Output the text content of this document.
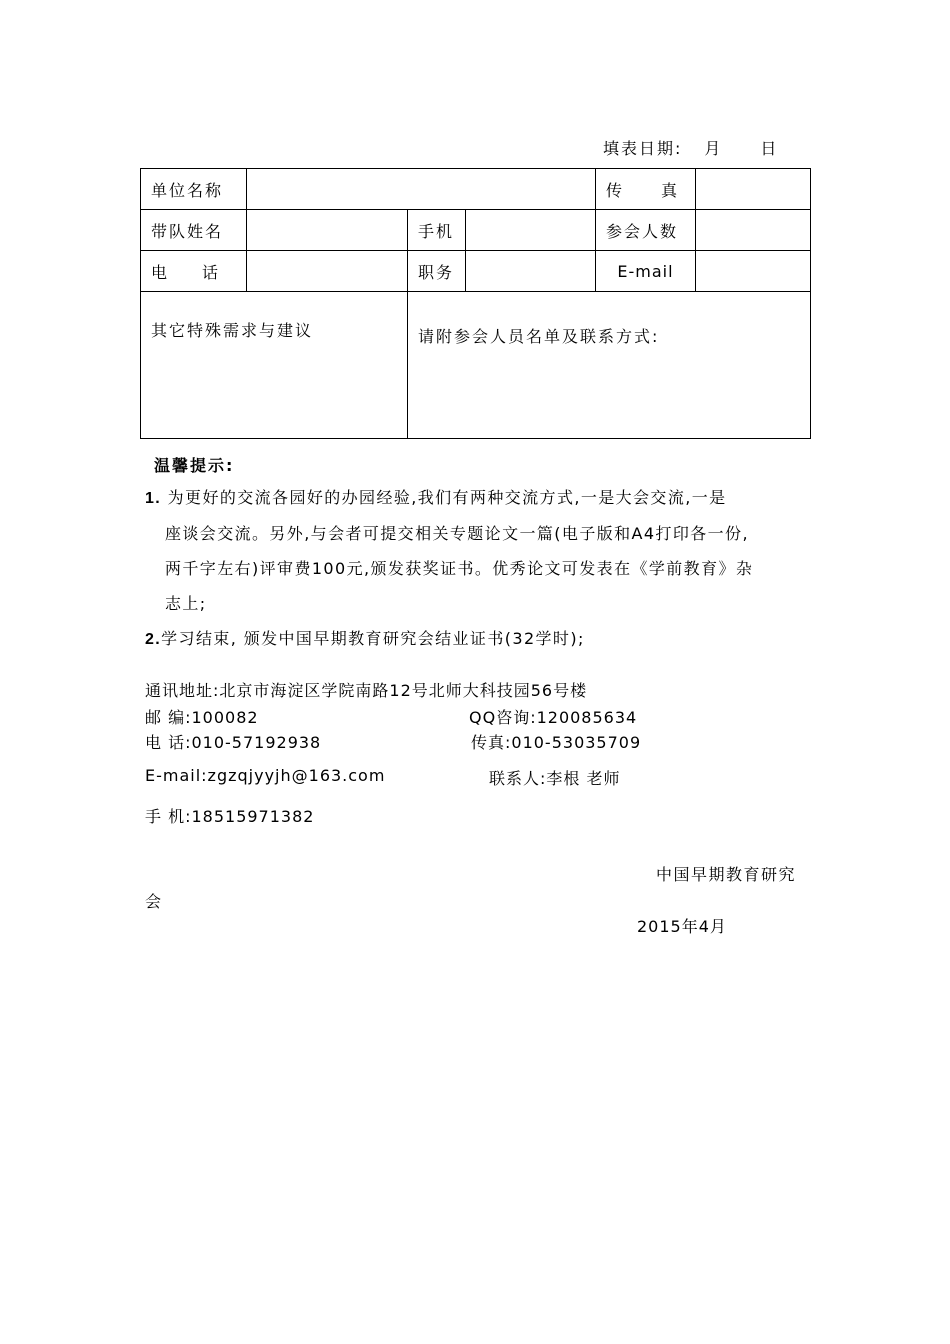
填表日期: 月 日
单位名称				传 真	

带队姓名		手机		参会人数	

电 话		职务		E-mail	
其它特殊需求与建议		请附参会人员名单及联系方式:			
温馨提示:
1. 为更好的交流各园好的办园经验,我们有两种交流方式,一是大会交流,一是
座谈会交流。另外,与会者可提交相关专题论文一篇(电子版和A4打印各一份,
两千字左右)评审费100元,颁发获奖证书。优秀论文可发表在《学前教育》杂
志上;
2.学习结束, 颁发中国早期教育研究会结业证书(32学时);
通讯地址:北京市海淀区学院南路12号北师大科技园56号楼
邮 编:100082	QQ咨询:120085634
电 话:010-57192938	传真:010-53035709
E-mail:zgzqjyyjh@163.com	联系人:李根 老师
手 机:18515971382
中国早期教育研究
会
2015年4月
